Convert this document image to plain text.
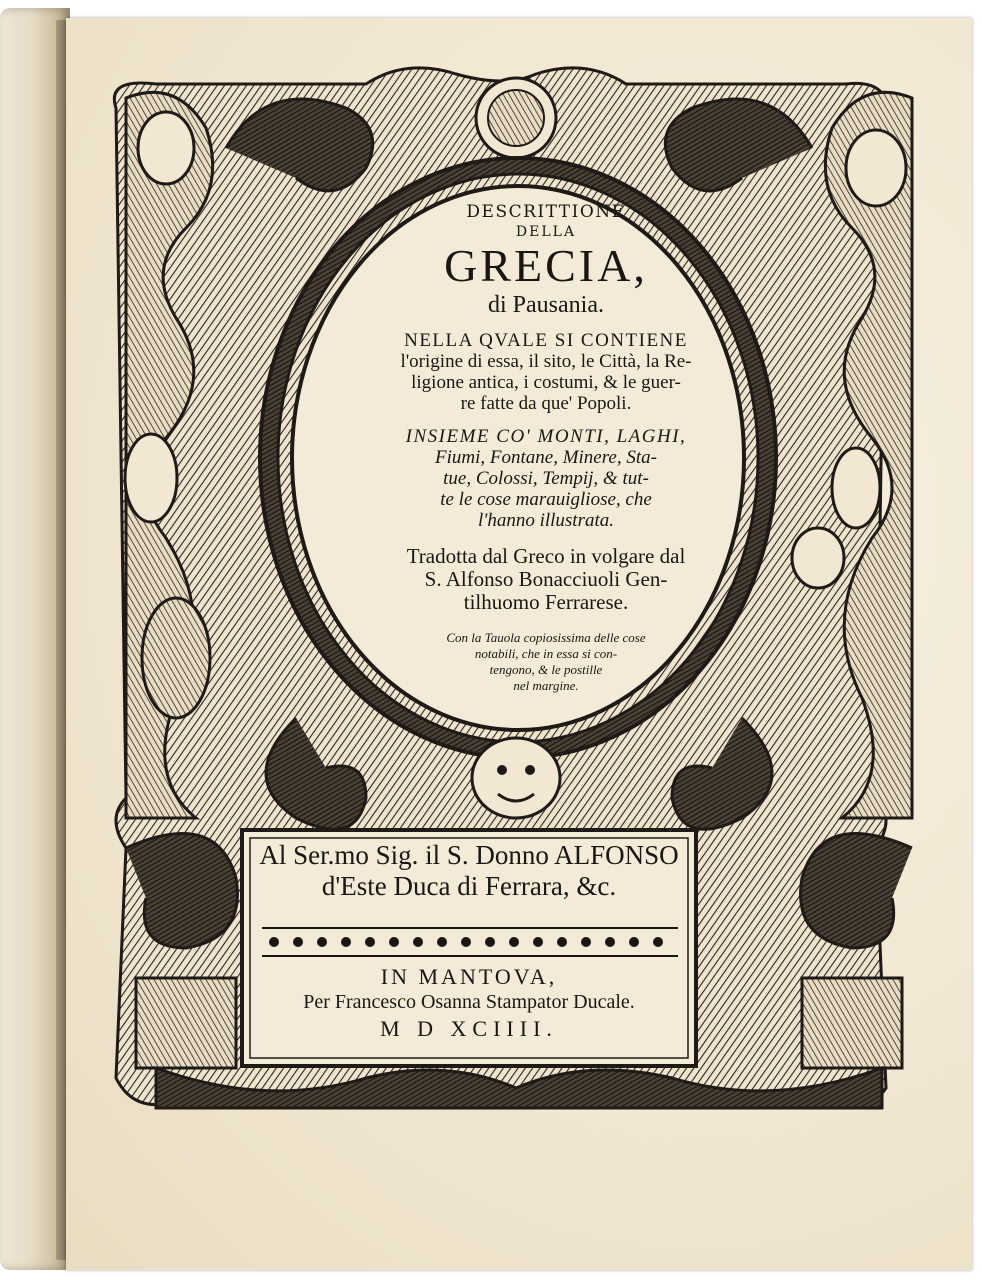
DESCRITTIONE
DELLA
GRECIA,
di Pausania.
NELLA QVALE SI CONTIENE
l'origine di essa, il sito, le Città, la Re-
ligione antica, i costumi, & le guer-
re fatte da que' Popoli.
INSIEME CO' MONTI, LAGHI,
Fiumi, Fontane, Minere, Sta-
tue, Colossi, Tempij, & tut-
te le cose marauigliose, che
l'hanno illustrata.
Tradotta dal Greco in volgare dal
S. Alfonso Bonacciuoli Gen-
tilhuomo Ferrarese.
Con la Tauola copiosissima delle cose
notabili, che in essa si con-
tengono, & le postille
nel margine.
Al Ser.mo Sig. il S. Donno ALFONSO
d'Este Duca di Ferrara, &c.
IN MANTOVA,
Per Francesco Osanna Stampator Ducale.
M D XCIIII.
